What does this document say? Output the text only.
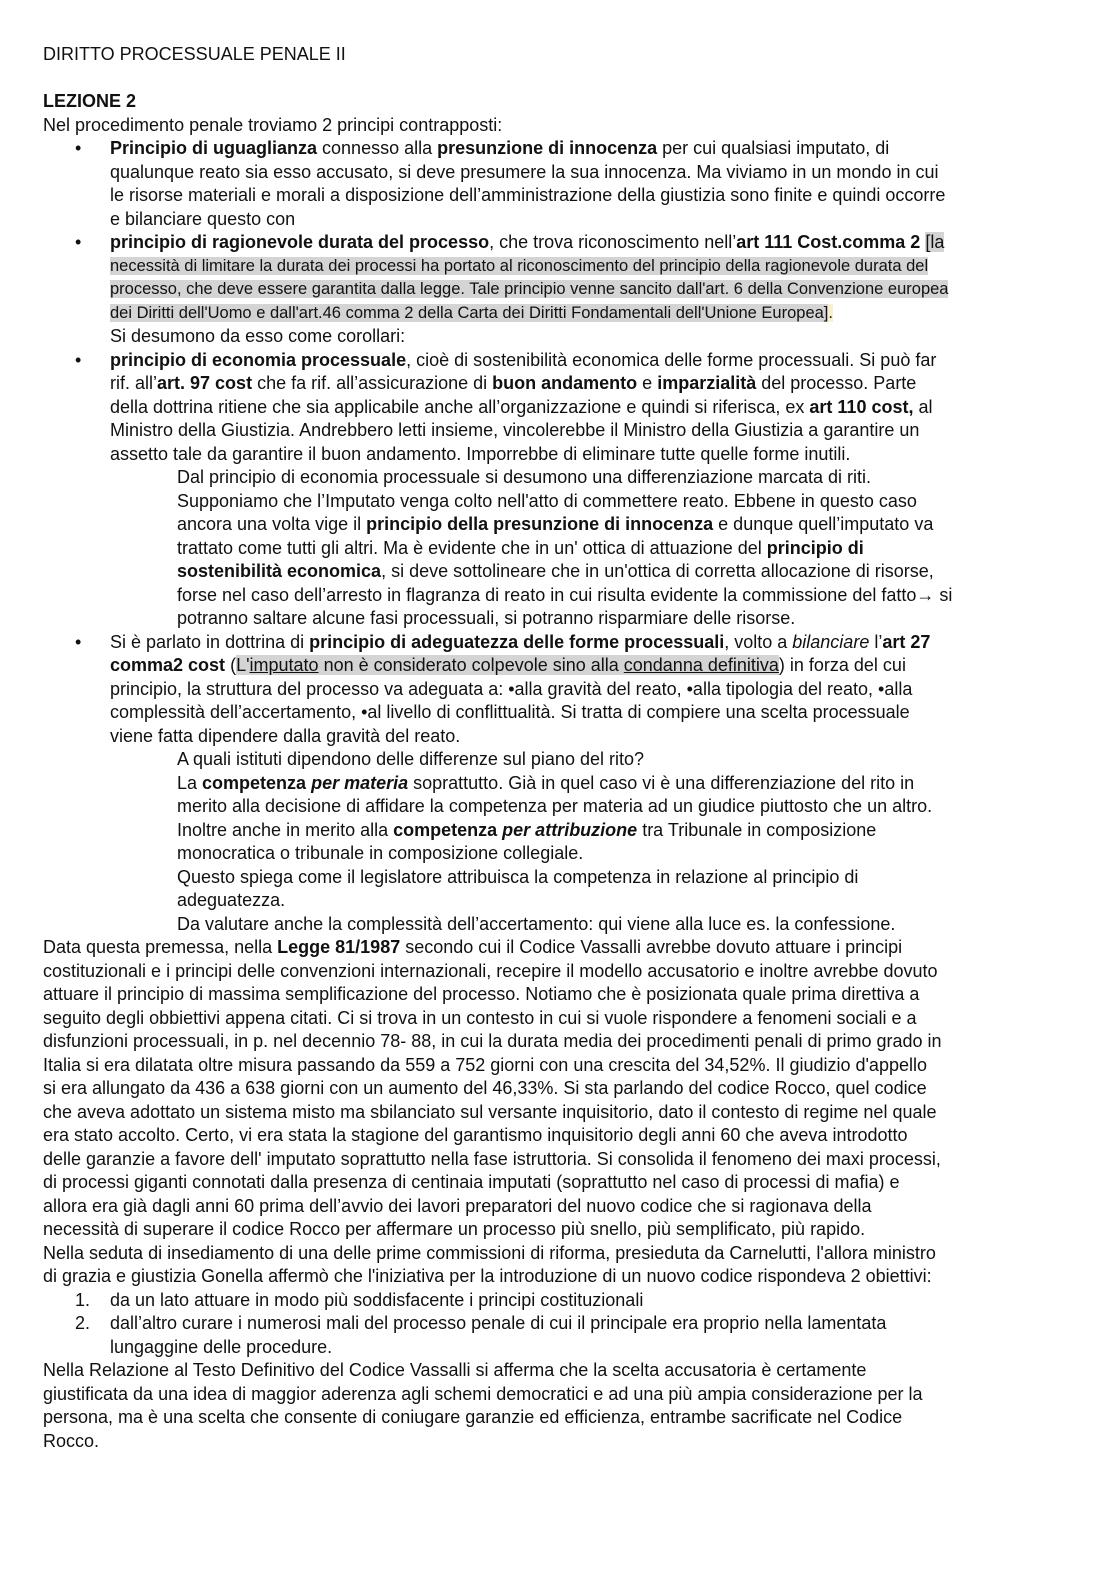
DIRITTO PROCESSUALE PENALE II
LEZIONE 2
Nel procedimento penale troviamo 2 principi contrapposti:
• Principio di uguaglianza connesso alla presunzione di innocenza per cui qualsiasi imputato, di
qualunque reato sia esso accusato, si deve presumere la sua innocenza. Ma viviamo in un mondo in cui
le risorse materiali e morali a disposizione dell’amministrazione della giustizia sono finite e quindi occorre
e bilanciare questo con
• principio di ragionevole durata del processo, che trova riconoscimento nell’art 111 Cost.comma 2 [la
necessità di limitare la durata dei processi ha portato al riconoscimento del principio della ragionevole durata del
processo, che deve essere garantita dalla legge. Tale principio venne sancito dall'art. 6 della Convenzione europea
dei Diritti dell'Uomo e dall'art.46 comma 2 della Carta dei Diritti Fondamentali dell'Unione Europea].
Si desumono da esso come corollari:
• principio di economia processuale, cioè di sostenibilità economica delle forme processuali. Si può far
rif. all’art. 97 cost che fa rif. all’assicurazione di buon andamento e imparzialità del processo. Parte
della dottrina ritiene che sia applicabile anche all’organizzazione e quindi si riferisca, ex art 110 cost, al
Ministro della Giustizia. Andrebbero letti insieme, vincolerebbe il Ministro della Giustizia a garantire un
assetto tale da garantire il buon andamento. Imporrebbe di eliminare tutte quelle forme inutili.
Dal principio di economia processuale si desumono una differenziazione marcata di riti.
Supponiamo che l’Imputato venga colto nell'atto di commettere reato. Ebbene in questo caso
ancora una volta vige il principio della presunzione di innocenza e dunque quell’imputato va
trattato come tutti gli altri. Ma è evidente che in un' ottica di attuazione del principio di
sostenibilità economica, si deve sottolineare che in un'ottica di corretta allocazione di risorse,
forse nel caso dell’arresto in flagranza di reato in cui risulta evidente la commissione del fatto→ si
potranno saltare alcune fasi processuali, si potranno risparmiare delle risorse.
• Si è parlato in dottrina di principio di adeguatezza delle forme processuali, volto a bilanciare l’art 27
comma2 cost (L'imputato non è considerato colpevole sino alla condanna definitiva) in forza del cui
principio, la struttura del processo va adeguata a: •alla gravità del reato, •alla tipologia del reato, •alla
complessità dell’accertamento, •al livello di conflittualità. Si tratta di compiere una scelta processuale
viene fatta dipendere dalla gravità del reato.
A quali istituti dipendono delle differenze sul piano del rito?
La competenza per materia soprattutto. Già in quel caso vi è una differenziazione del rito in
merito alla decisione di affidare la competenza per materia ad un giudice piuttosto che un altro.
Inoltre anche in merito alla competenza per attribuzione tra Tribunale in composizione
monocratica o tribunale in composizione collegiale.
Questo spiega come il legislatore attribuisca la competenza in relazione al principio di
adeguatezza.
Da valutare anche la complessità dell’accertamento: qui viene alla luce es. la confessione.
Data questa premessa, nella Legge 81/1987 secondo cui il Codice Vassalli avrebbe dovuto attuare i principi
costituzionali e i principi delle convenzioni internazionali, recepire il modello accusatorio e inoltre avrebbe dovuto
attuare il principio di massima semplificazione del processo. Notiamo che è posizionata quale prima direttiva a
seguito degli obbiettivi appena citati. Ci si trova in un contesto in cui si vuole rispondere a fenomeni sociali e a
disfunzioni processuali, in p. nel decennio 78- 88, in cui la durata media dei procedimenti penali di primo grado in
Italia si era dilatata oltre misura passando da 559 a 752 giorni con una crescita del 34,52%. Il giudizio d'appello
si era allungato da 436 a 638 giorni con un aumento del 46,33%. Si sta parlando del codice Rocco, quel codice
che aveva adottato un sistema misto ma sbilanciato sul versante inquisitorio, dato il contesto di regime nel quale
era stato accolto. Certo, vi era stata la stagione del garantismo inquisitorio degli anni 60 che aveva introdotto
delle garanzie a favore dell' imputato soprattutto nella fase istruttoria. Si consolida il fenomeno dei maxi processi,
di processi giganti connotati dalla presenza di centinaia imputati (soprattutto nel caso di processi di mafia) e
allora era già dagli anni 60 prima dell’avvio dei lavori preparatori del nuovo codice che si ragionava della
necessità di superare il codice Rocco per affermare un processo più snello, più semplificato, più rapido.
Nella seduta di insediamento di una delle prime commissioni di riforma, presieduta da Carnelutti, l'allora ministro
di grazia e giustizia Gonella affermò che l'iniziativa per la introduzione di un nuovo codice rispondeva 2 obiettivi:
1. da un lato attuare in modo più soddisfacente i principi costituzionali
2. dall’altro curare i numerosi mali del processo penale di cui il principale era proprio nella lamentata
lungaggine delle procedure.
Nella Relazione al Testo Definitivo del Codice Vassalli si afferma che la scelta accusatoria è certamente
giustificata da una idea di maggior aderenza agli schemi democratici e ad una più ampia considerazione per la
persona, ma è una scelta che consente di coniugare garanzie ed efficienza, entrambe sacrificate nel Codice
Rocco.
